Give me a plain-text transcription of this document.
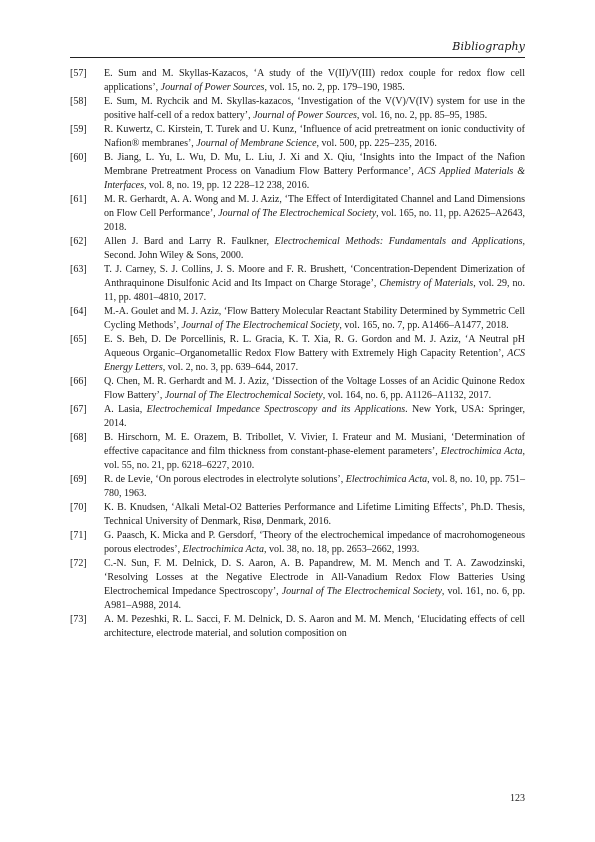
Bibliography
[57] E. Sum and M. Skyllas-Kazacos, ‘A study of the V(II)/V(III) redox couple for redox flow cell applications’, Journal of Power Sources, vol. 15, no. 2, pp. 179–190, 1985.
[58] E. Sum, M. Rychcik and M. Skyllas-kazacos, ‘Investigation of the V(V)/V(IV) system for use in the positive half-cell of a redox battery’, Journal of Power Sources, vol. 16, no. 2, pp. 85–95, 1985.
[59] R. Kuwertz, C. Kirstein, T. Turek and U. Kunz, ‘Influence of acid pretreatment on ionic conductivity of Nafion® membranes’, Journal of Membrane Science, vol. 500, pp. 225–235, 2016.
[60] B. Jiang, L. Yu, L. Wu, D. Mu, L. Liu, J. Xi and X. Qiu, ‘Insights into the Impact of the Nafion Membrane Pretreatment Process on Vanadium Flow Battery Performance’, ACS Applied Materials & Interfaces, vol. 8, no. 19, pp. 12 228–12 238, 2016.
[61] M. R. Gerhardt, A. A. Wong and M. J. Aziz, ‘The Effect of Interdigitated Channel and Land Dimensions on Flow Cell Performance’, Journal of The Electrochemical Society, vol. 165, no. 11, pp. A2625–A2643, 2018.
[62] Allen J. Bard and Larry R. Faulkner, Electrochemical Methods: Fundamentals and Applications, Second. John Wiley & Sons, 2000.
[63] T. J. Carney, S. J. Collins, J. S. Moore and F. R. Brushett, ‘Concentration-Dependent Dimerization of Anthraquinone Disulfonic Acid and Its Impact on Charge Storage’, Chemistry of Materials, vol. 29, no. 11, pp. 4801–4810, 2017.
[64] M.-A. Goulet and M. J. Aziz, ‘Flow Battery Molecular Reactant Stability Determined by Symmetric Cell Cycling Methods’, Journal of The Electrochemical Society, vol. 165, no. 7, pp. A1466–A1477, 2018.
[65] E. S. Beh, D. De Porcellinis, R. L. Gracia, K. T. Xia, R. G. Gordon and M. J. Aziz, ‘A Neutral pH Aqueous Organic–Organometallic Redox Flow Battery with Extremely High Capacity Retention’, ACS Energy Letters, vol. 2, no. 3, pp. 639–644, 2017.
[66] Q. Chen, M. R. Gerhardt and M. J. Aziz, ‘Dissection of the Voltage Losses of an Acidic Quinone Redox Flow Battery’, Journal of The Electrochemical Society, vol. 164, no. 6, pp. A1126–A1132, 2017.
[67] A. Lasia, Electrochemical Impedance Spectroscopy and its Applications. New York, USA: Springer, 2014.
[68] B. Hirschorn, M. E. Orazem, B. Tribollet, V. Vivier, I. Frateur and M. Musiani, ‘Determination of effective capacitance and film thickness from constant-phase-element parameters’, Electrochimica Acta, vol. 55, no. 21, pp. 6218–6227, 2010.
[69] R. de Levie, ‘On porous electrodes in electrolyte solutions’, Electrochimica Acta, vol. 8, no. 10, pp. 751–780, 1963.
[70] K. B. Knudsen, ‘Alkali Metal-O2 Batteries Performance and Lifetime Limiting Effects’, Ph.D. Thesis, Technical University of Denmark, Risø, Denmark, 2016.
[71] G. Paasch, K. Micka and P. Gersdorf, ‘Theory of the electrochemical impedance of macrohomogeneous porous electrodes’, Electrochimica Acta, vol. 38, no. 18, pp. 2653–2662, 1993.
[72] C.-N. Sun, F. M. Delnick, D. S. Aaron, A. B. Papandrew, M. M. Mench and T. A. Zawodzinski, ‘Resolving Losses at the Negative Electrode in All-Vanadium Redox Flow Batteries Using Electrochemical Impedance Spectroscopy’, Journal of The Electrochemical Society, vol. 161, no. 6, pp. A981–A988, 2014.
[73] A. M. Pezeshki, R. L. Sacci, F. M. Delnick, D. S. Aaron and M. M. Mench, ‘Elucidating effects of cell architecture, electrode material, and solution composition on
123
